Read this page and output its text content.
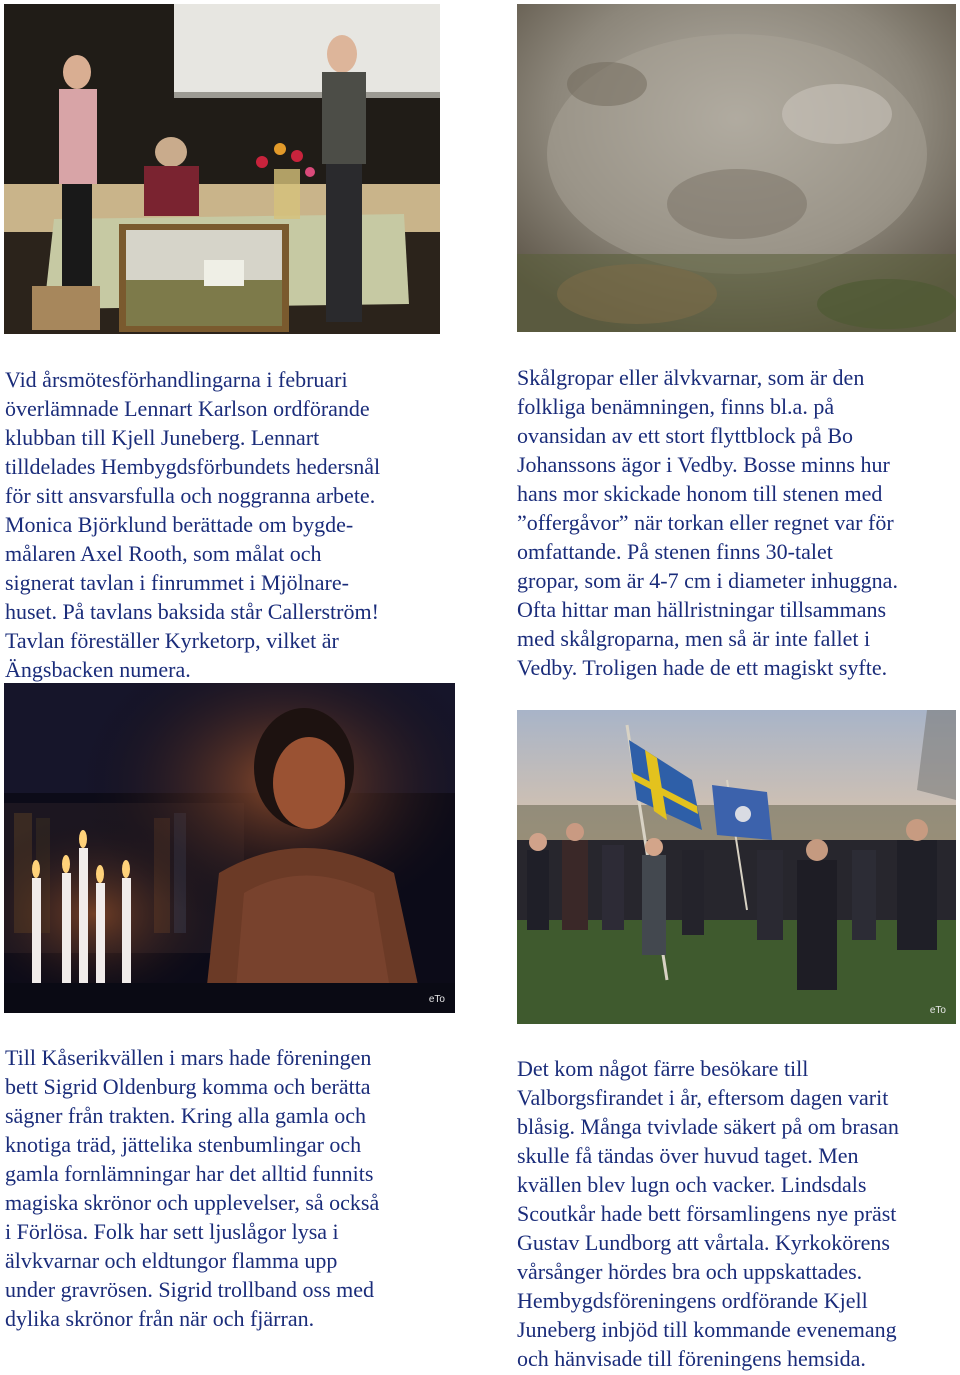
Vid årsmötesförhandlingarna i februari
överlämnade Lennart Karlson ordförande
klubban till Kjell Juneberg. Lennart
tilldelades Hembygdsförbundets hedersnål
för sitt ansvarsfulla och noggranna arbete.
Monica Björklund berättade om bygde-
målaren Axel Rooth, som målat och
signerat tavlan i finrummet i Mjölnare-
huset. På tavlans baksida står Callerström!
Tavlan föreställer Kyrketorp, vilket är
Ängsbacken numera.
Skålgropar eller älvkvarnar, som är den
folkliga benämningen, finns bl.a. på
ovansidan av ett stort flyttblock på Bo
Johanssons ägor i Vedby. Bosse minns hur
hans mor skickade honom till stenen med
”offergåvor” när torkan eller regnet var för
omfattande. På stenen finns 30-talet
gropar, som är 4-7 cm i diameter inhuggna.
Ofta hittar man hällristningar tillsammans
med skålgroparna, men så är inte fallet i
Vedby. Troligen hade de ett magiskt syfte.
eTo
eTo
Till Kåserikvällen i mars hade föreningen
bett Sigrid Oldenburg komma och berätta
sägner från trakten. Kring alla gamla och
knotiga träd, jättelika stenbumlingar och
gamla fornlämningar har det alltid funnits
magiska skrönor och upplevelser, så också
i Förlösa. Folk har sett ljuslågor lysa i
älvkvarnar och eldtungor flamma upp
under gravrösen. Sigrid trollband oss med
dylika skrönor från när och fjärran.
Det kom något färre besökare till
Valborgsfirandet i år, eftersom dagen varit
blåsig. Många tvivlade säkert på om brasan
skulle få tändas över huvud taget. Men
kvällen blev lugn och vacker. Lindsdals
Scoutkår hade bett församlingens nye präst
Gustav Lundborg att vårtala. Kyrkokörens
vårsånger hördes bra och uppskattades.
Hembygdsföreningens ordförande Kjell
Juneberg inbjöd till kommande evenemang
och hänvisade till föreningens hemsida.
